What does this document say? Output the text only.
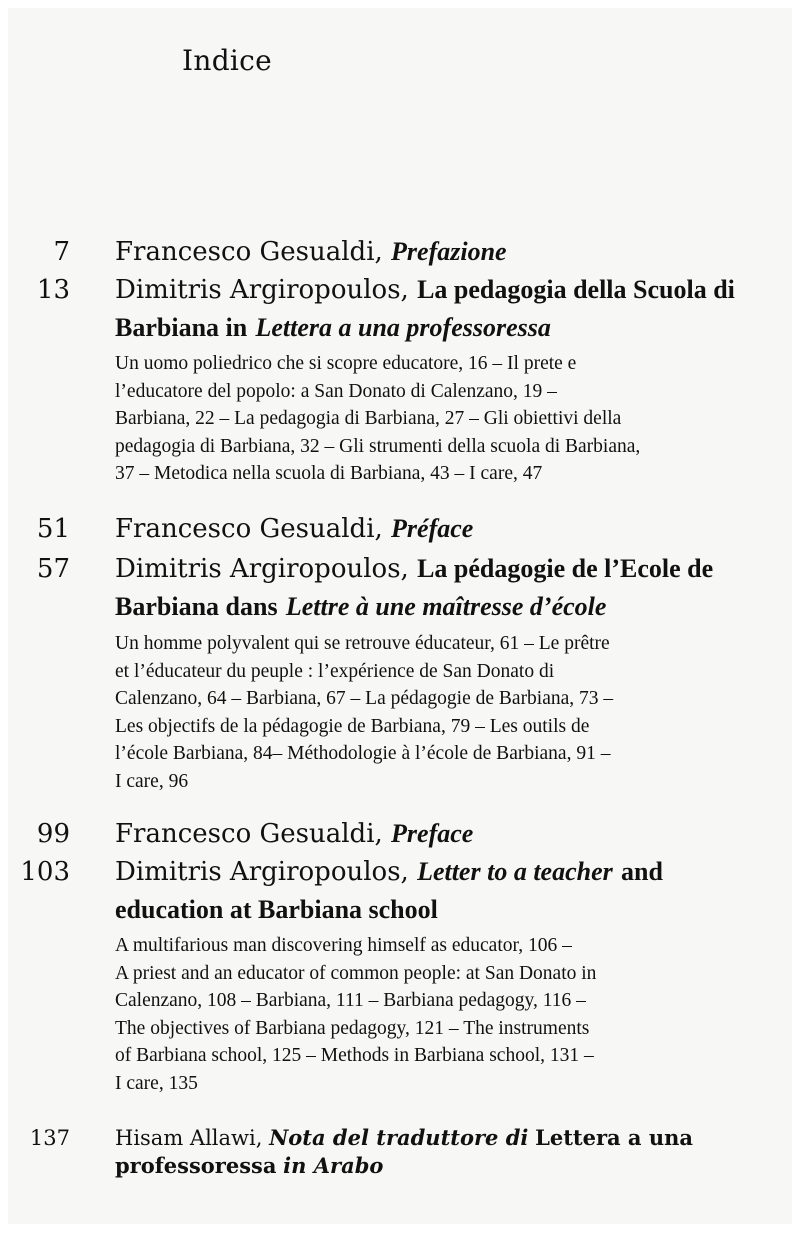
Indice
7 Francesco Gesualdi, Prefazione
13 Dimitris Argiropoulos, La pedagogia della Scuola di
Barbiana in Lettera a una professoressa
Un uomo poliedrico che si scopre educatore, 16 – Il prete e
l’educatore del popolo: a San Donato di Calenzano, 19 –
Barbiana, 22 – La pedagogia di Barbiana, 27 – Gli obiettivi della
pedagogia di Barbiana, 32 – Gli strumenti della scuola di Barbiana,
37 – Metodica nella scuola di Barbiana, 43 – I care, 47
51 Francesco Gesualdi, Préface
57 Dimitris Argiropoulos, La pédagogie de l’Ecole de
Barbiana dans Lettre à une maîtresse d’école
Un homme polyvalent qui se retrouve éducateur, 61 – Le prêtre
et l’éducateur du peuple : l’expérience de San Donato di
Calenzano, 64 – Barbiana, 67 – La pédagogie de Barbiana, 73 –
Les objectifs de la pédagogie de Barbiana, 79 – Les outils de
l’école Barbiana, 84– Méthodologie à l’école de Barbiana, 91 –
I care, 96
99 Francesco Gesualdi, Preface
103 Dimitris Argiropoulos, Letter to a teacher and
education at Barbiana school
A multifarious man discovering himself as educator, 106 –
A priest and an educator of common people: at San Donato in
Calenzano, 108 – Barbiana, 111 – Barbiana pedagogy, 116 –
The objectives of Barbiana pedagogy, 121 – The instruments
of Barbiana school, 125 – Methods in Barbiana school, 131 –
I care, 135
137 Hisam Allawi, Nota del traduttore di Lettera a una
professoressa in Arabo
